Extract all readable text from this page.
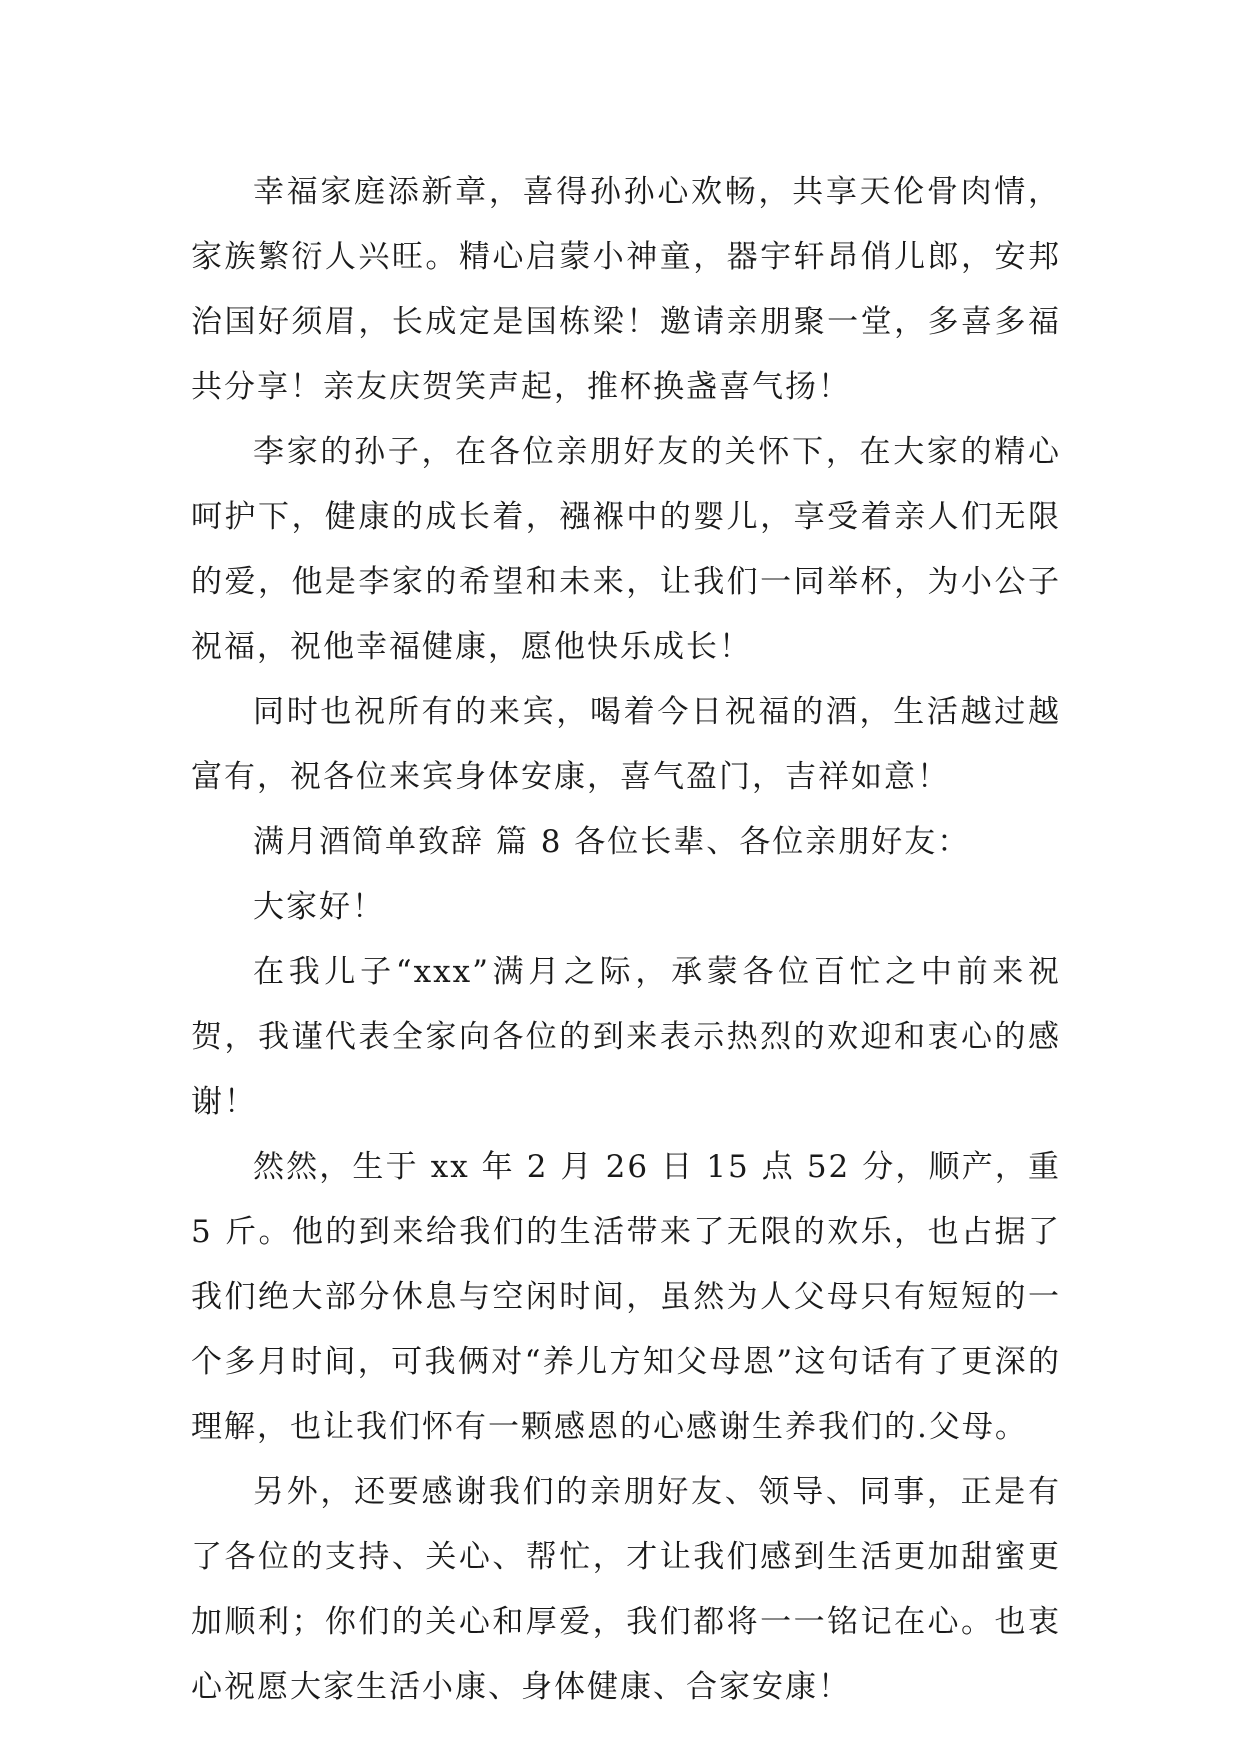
幸福家庭添新章，喜得孙孙心欢畅，共享天伦骨肉情，家族繁衍人兴旺。精心启蒙小神童，器宇轩昂俏儿郎，安邦治国好须眉，长成定是国栋梁！邀请亲朋聚一堂，多喜多福共分享！亲友庆贺笑声起，推杯换盏喜气扬！

李家的孙子，在各位亲朋好友的关怀下，在大家的精心呵护下，健康的成长着，襁褓中的婴儿，享受着亲人们无限的爱，他是李家的希望和未来，让我们一同举杯，为小公子祝福，祝他幸福健康，愿他快乐成长！

同时也祝所有的来宾，喝着今日祝福的酒，生活越过越富有，祝各位来宾身体安康，喜气盈门，吉祥如意！

满月酒简单致辞 篇 8 各位长辈、各位亲朋好友：

大家好！

在我儿子“xxx”满月之际，承蒙各位百忙之中前来祝贺，我谨代表全家向各位的到来表示热烈的欢迎和衷心的感谢！

然然，生于 xx 年 2 月 26 日 15 点 52 分，顺产，重 5 斤。他的到来给我们的生活带来了无限的欢乐，也占据了我们绝大部分休息与空闲时间，虽然为人父母只有短短的一个多月时间，可我俩对“养儿方知父母恩”这句话有了更深的理解，也让我们怀有一颗感恩的心感谢生养我们的.父母。

另外，还要感谢我们的亲朋好友、领导、同事，正是有了各位的支持、关心、帮忙，才让我们感到生活更加甜蜜更加顺利；你们的关心和厚爱，我们都将一一铭记在心。也衷心祝愿大家生活小康、身体健康、合家安康！
